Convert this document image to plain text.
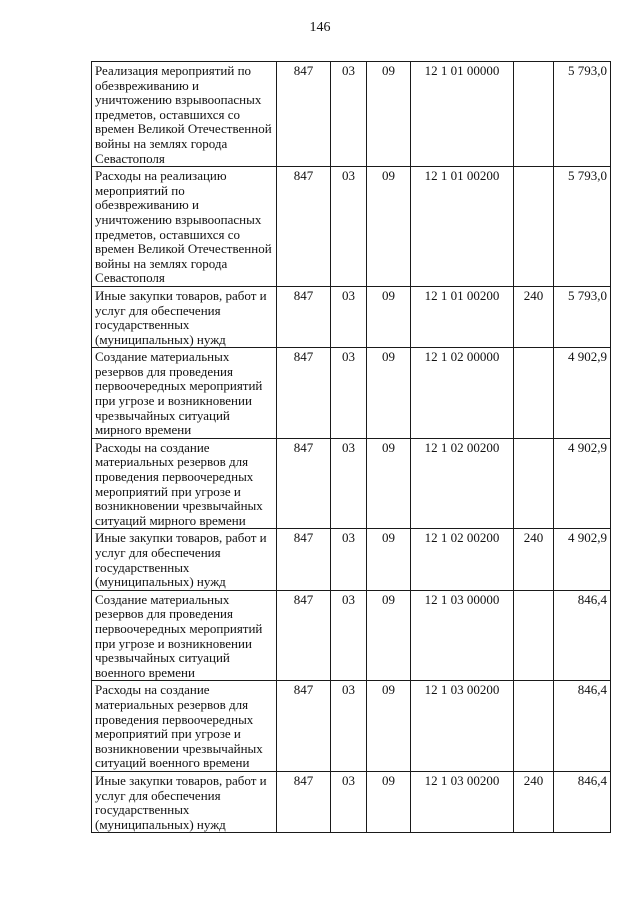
146
Реализация мероприятий по обезвреживанию и уничтожению взрывоопасных предметов, оставшихся со времен Великой Отечественной войны на землях города Севастополя	847	03	09	12 1 01 00000		5 793,0
Расходы на реализацию мероприятий по обезвреживанию и уничтожению взрывоопасных предметов, оставшихся со времен Великой Отечественной войны на землях города Севастополя	847	03	09	12 1 01 00200		5 793,0
Иные закупки товаров, работ и услуг для обеспечения государственных (муниципальных) нужд	847	03	09	12 1 01 00200	240	5 793,0
Создание материальных резервов для проведения первоочередных мероприятий при угрозе и возникновении чрезвычайных ситуаций мирного времени	847	03	09	12 1 02 00000		4 902,9
Расходы на создание материальных резервов для проведения первоочередных мероприятий при угрозе и возникновении чрезвычайных ситуаций мирного времени	847	03	09	12 1 02 00200		4 902,9
Иные закупки товаров, работ и услуг для обеспечения государственных (муниципальных) нужд	847	03	09	12 1 02 00200	240	4 902,9
Создание материальных резервов для проведения первоочередных мероприятий при угрозе и возникновении чрезвычайных ситуаций военного времени	847	03	09	12 1 03 00000		846,4
Расходы на создание материальных резервов для проведения первоочередных мероприятий при угрозе и возникновении чрезвычайных ситуаций военного времени	847	03	09	12 1 03 00200		846,4
Иные закупки товаров, работ и услуг для обеспечения государственных (муниципальных) нужд	847	03	09	12 1 03 00200	240	846,4
